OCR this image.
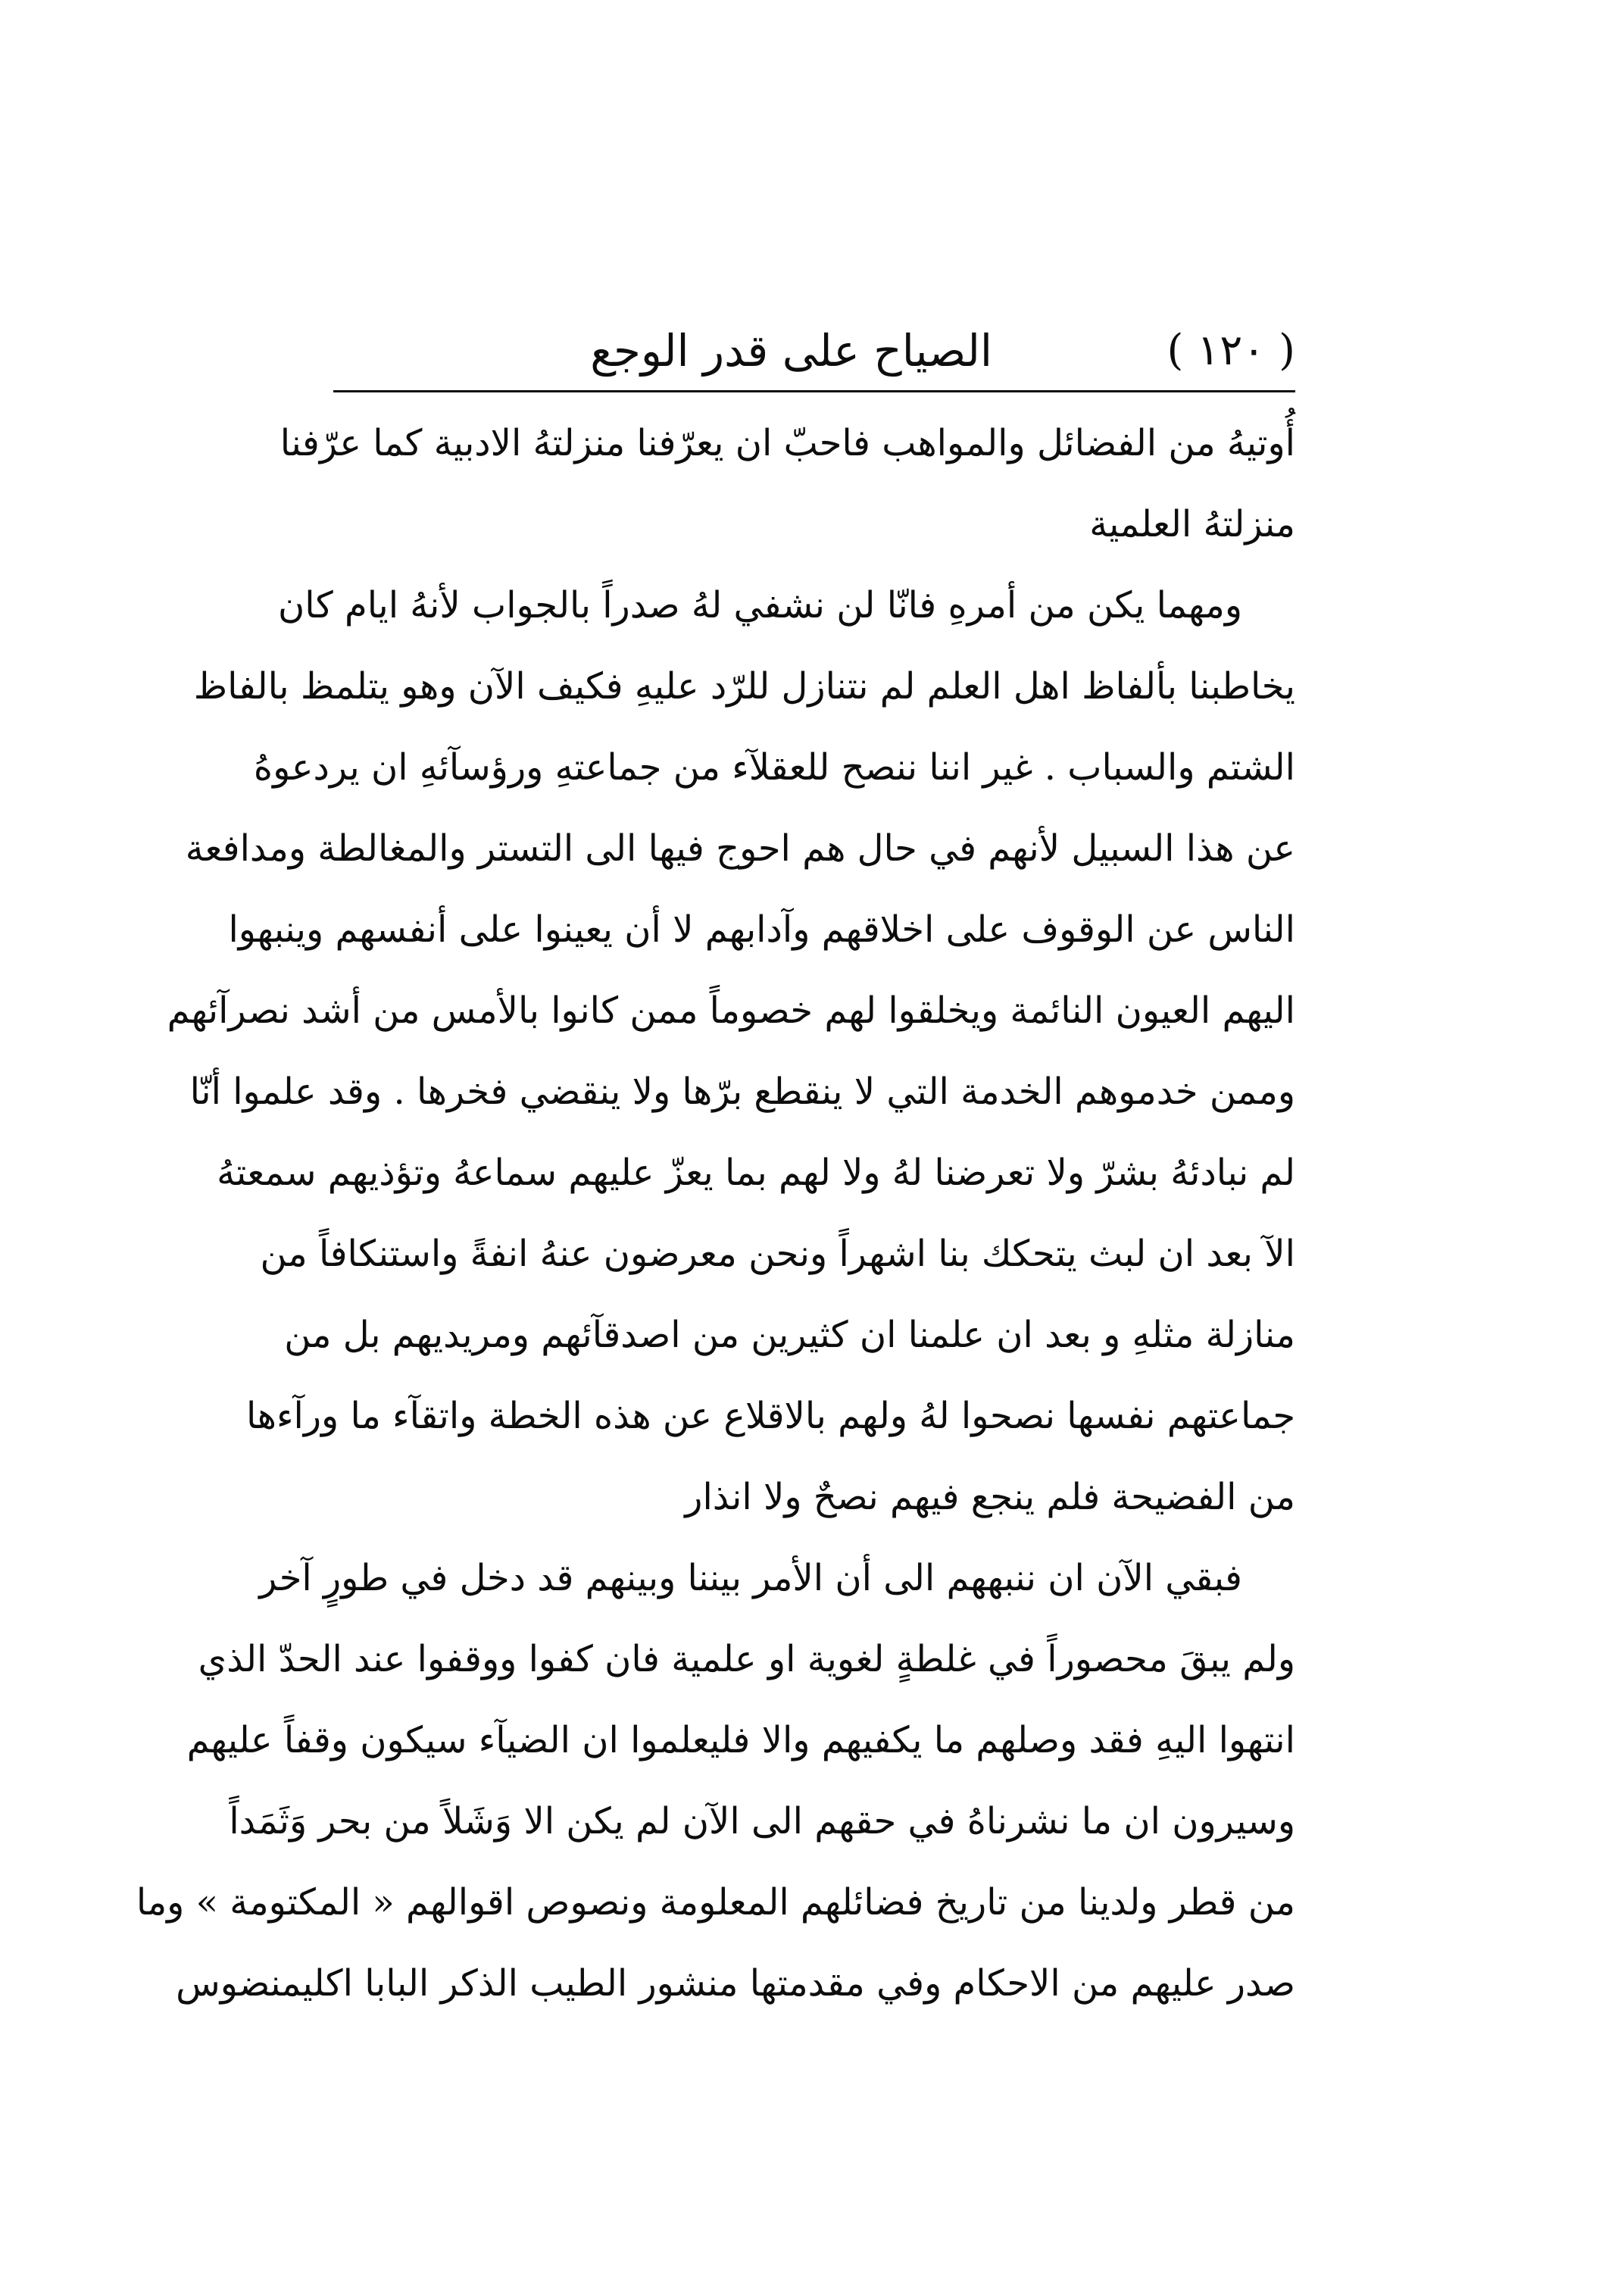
( ١٢٠ )
الصياح على قدر الوجع
أُوتيهُ من الفضائل والمواهب فاحبّ ان يعرّفنا منزلتهُ الادبية كما عرّفنا
منزلتهُ العلمية
ومهما يكن من أمرهِ فانّا لن نشفي لهُ صدراً بالجواب لأنهُ ايام كان
يخاطبنا بألفاظ اهل العلم لم نتنازل للرّد عليهِ فكيف الآن وهو يتلمظ بالفاظ
الشتم والسباب . غير اننا ننصح للعقلآء من جماعتهِ ورؤسآئهِ ان يردعوهُ
عن هذا السبيل لأنهم في حال هم احوج فيها الى التستر والمغالطة ومدافعة
الناس عن الوقوف على اخلاقهم وآدابهم لا أن يعينوا على أنفسهم وينبهوا
اليهم العيون النائمة ويخلقوا لهم خصوماً ممن كانوا بالأمس من أشد نصرآئهم
وممن خدموهم الخدمة التي لا ينقطع برّها ولا ينقضي فخرها . وقد علموا أنّا
لم نبادئهُ بشرّ ولا تعرضنا لهُ ولا لهم بما يعزّ عليهم سماعهُ وتؤذيهم سمعتهُ
الآ بعد ان لبث يتحكك بنا اشهراً ونحن معرضون عنهُ انفةً واستنكافاً من
منازلة مثلهِ و بعد ان علمنا ان كثيرين من اصدقآئهم ومريديهم بل من
جماعتهم نفسها نصحوا لهُ ولهم بالاقلاع عن هذه الخطة واتقآء ما ورآءها
من الفضيحة فلم ينجع فيهم نصحٌ ولا انذار
فبقي الآن ان ننبههم الى أن الأمر بيننا وبينهم قد دخل في طورٍ آخر
ولم يبقَ محصوراً في غلطةٍ لغوية او علمية فان كفوا ووقفوا عند الحدّ الذي
انتهوا اليهِ فقد وصلهم ما يكفيهم والا فليعلموا ان الضيآء سيكون وقفاً عليهم
وسيرون ان ما نشرناهُ في حقهم الى الآن لم يكن الا وَشَلاً من بحر وَثَمَداً
من قطر ولدينا من تاريخ فضائلهم المعلومة ونصوص اقوالهم « المكتومة » وما
صدر عليهم من الاحكام وفي مقدمتها منشور الطيب الذكر البابا اكليمنضوس
